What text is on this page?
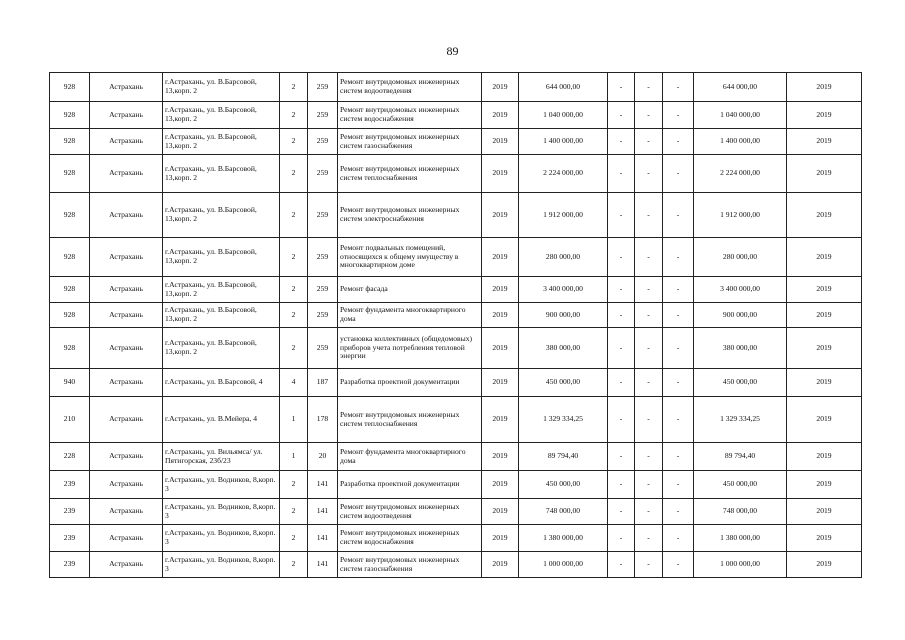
89
928	Астрахань	г.Астрахань, ул. В.Барсовой, 13,корп. 2	2	259	Ремонт внутридомовых инженерных систем водоотведения	2019	644 000,00	-	-	-	644 000,00	2019
928	Астрахань	г.Астрахань, ул. В.Барсовой, 13,корп. 2	2	259	Ремонт внутридомовых инженерных систем водоснабжения	2019	1 040 000,00	-	-	-	1 040 000,00	2019
928	Астрахань	г.Астрахань, ул. В.Барсовой, 13,корп. 2	2	259	Ремонт внутридомовых инженерных систем газоснабжения	2019	1 400 000,00	-	-	-	1 400 000,00	2019
928	Астрахань	г.Астрахань, ул. В.Барсовой, 13,корп. 2	2	259	Ремонт внутридомовых инженерных систем теплоснабжения	2019	2 224 000,00	-	-	-	2 224 000,00	2019
928	Астрахань	г.Астрахань, ул. В.Барсовой, 13,корп. 2	2	259	Ремонт внутридомовых инженерных систем электроснабжения	2019	1 912 000,00	-	-	-	1 912 000,00	2019
928	Астрахань	г.Астрахань, ул. В.Барсовой, 13,корп. 2	2	259	Ремонт подвальных помещений, относящихся к общему имуществу в многоквартирном доме	2019	280 000,00	-	-	-	280 000,00	2019
928	Астрахань	г.Астрахань, ул. В.Барсовой, 13,корп. 2	2	259	Ремонт фасада	2019	3 400 000,00	-	-	-	3 400 000,00	2019
928	Астрахань	г.Астрахань, ул. В.Барсовой, 13,корп. 2	2	259	Ремонт фундамента многоквартирного дома	2019	900 000,00	-	-	-	900 000,00	2019
928	Астрахань	г.Астрахань, ул. В.Барсовой, 13,корп. 2	2	259	установка коллективных (общедомовых) приборов учета потребления тепловой энергии	2019	380 000,00	-	-	-	380 000,00	2019
940	Астрахань	г.Астрахань, ул. В.Барсовой, 4	4	187	Разработка проектной документации	2019	450 000,00	-	-	-	450 000,00	2019
210	Астрахань	г.Астрахань, ул. В.Мейера, 4	1	178	Ремонт внутридомовых инженерных систем теплоснабжения	2019	1 329 334,25	-	-	-	1 329 334,25	2019
228	Астрахань	г.Астрахань, ул. Вильямса/ ул. Пятигорская, 23б/23	1	20	Ремонт фундамента многоквартирного дома	2019	89 794,40	-	-	-	89 794,40	2019
239	Астрахань	г.Астрахань, ул. Водников, 8,корп. 3	2	141	Разработка проектной документации	2019	450 000,00	-	-	-	450 000,00	2019
239	Астрахань	г.Астрахань, ул. Водников, 8,корп. 3	2	141	Ремонт внутридомовых инженерных систем водоотведения	2019	748 000,00	-	-	-	748 000,00	2019
239	Астрахань	г.Астрахань, ул. Водников, 8,корп. 3	2	141	Ремонт внутридомовых инженерных систем водоснабжения	2019	1 380 000,00	-	-	-	1 380 000,00	2019
239	Астрахань	г.Астрахань, ул. Водников, 8,корп. 3	2	141	Ремонт внутридомовых инженерных систем газоснабжения	2019	1 000 000,00	-	-	-	1 000 000,00	2019
